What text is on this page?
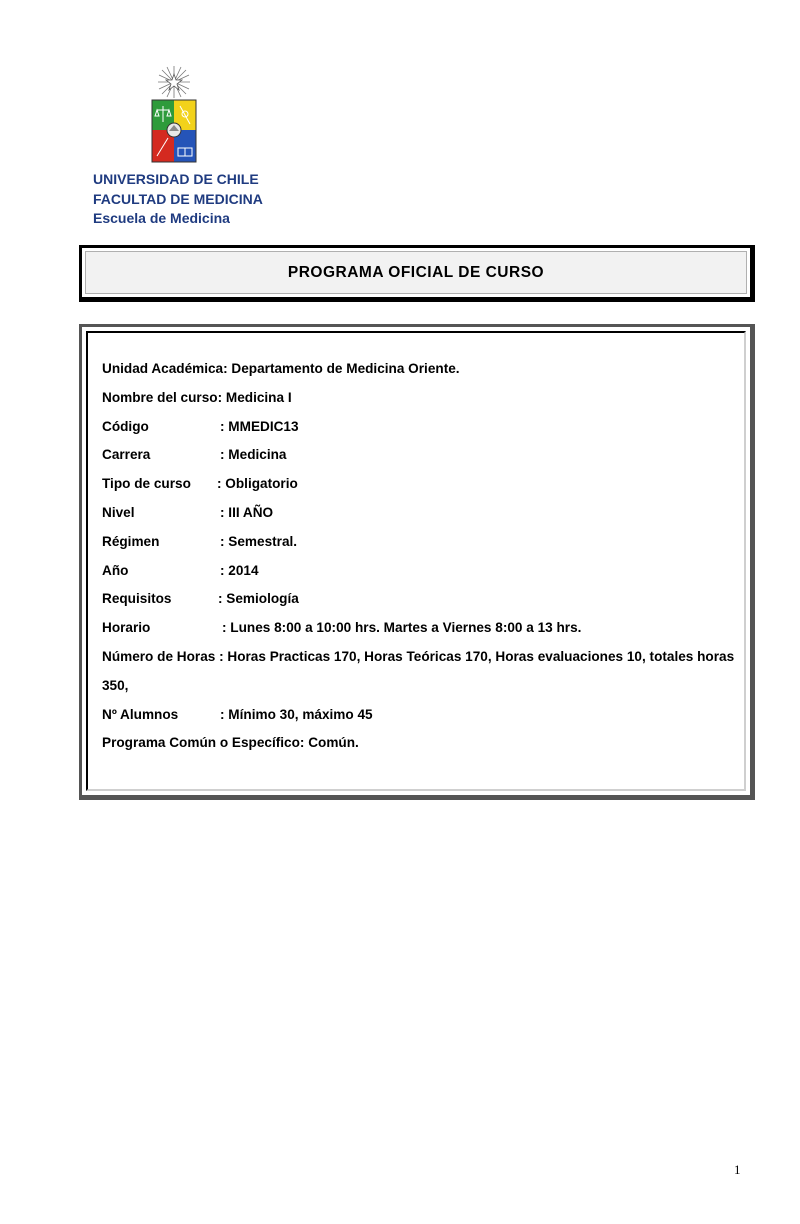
UNIVERSIDAD DE CHILE
FACULTAD DE MEDICINA
Escuela de Medicina
PROGRAMA OFICIAL DE CURSO
Unidad Académica: Departamento de Medicina Oriente.
Nombre del curso: Medicina I
Código	: MMEDIC13
Carrera	: Medicina
Tipo de curso : Obligatorio
Nivel	: III AÑO
Régimen	: Semestral.
Año	: 2014
Requisitos	: Semiología
Horario	: Lunes 8:00 a 10:00 hrs. Martes a Viernes 8:00 a 13 hrs.
Número de Horas : Horas Practicas 170, Horas Teóricas 170, Horas evaluaciones 10, totales horas 350,
Nº Alumnos	: Mínimo 30, máximo 45
Programa Común o Específico: Común.
1
